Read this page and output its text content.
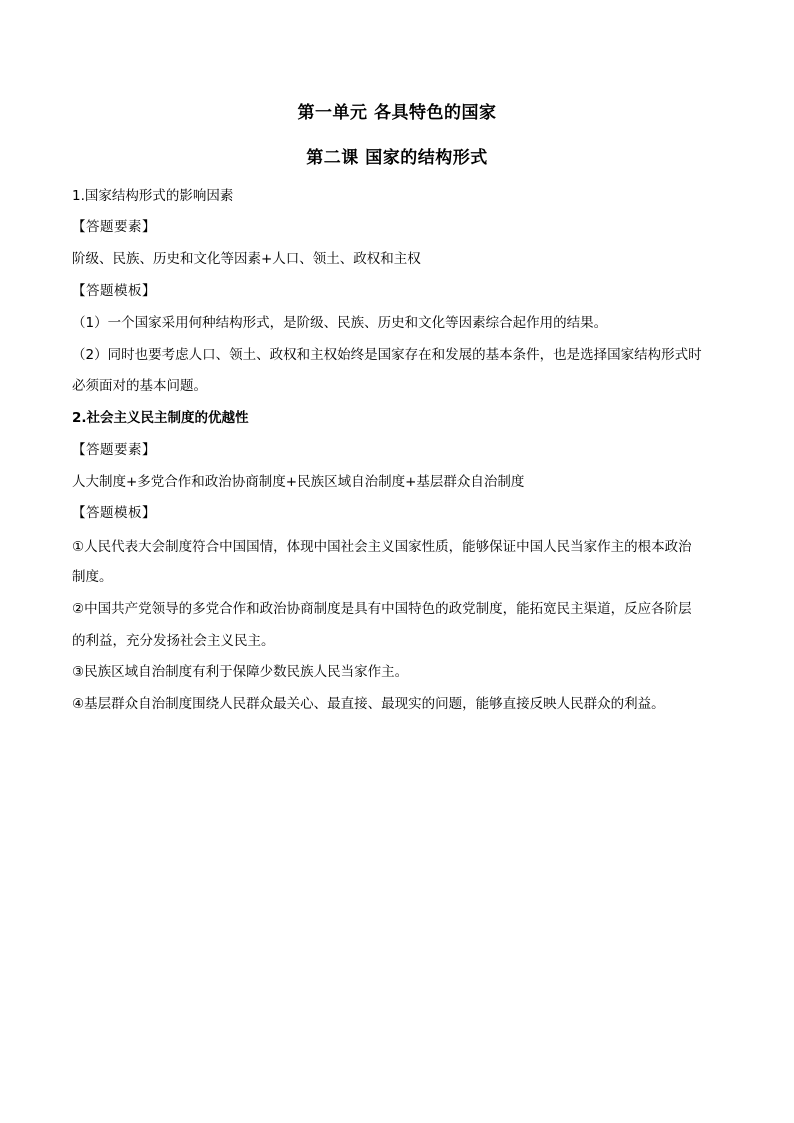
第一单元 各具特色的国家
第二课 国家的结构形式
1.国家结构形式的影响因素
【答题要素】
阶级、民族、历史和文化等因素+人口、领土、政权和主权
【答题模板】
（1）一个国家采用何种结构形式，是阶级、民族、历史和文化等因素综合起作用的结果。
（2）同时也要考虑人口、领土、政权和主权始终是国家存在和发展的基本条件，也是选择国家结构形式时
必须面对的基本问题。
2.社会主义民主制度的优越性
【答题要素】
人大制度+多党合作和政治协商制度+民族区域自治制度+基层群众自治制度
【答题模板】
①人民代表大会制度符合中国国情，体现中国社会主义国家性质，能够保证中国人民当家作主的根本政治
制度。
②中国共产党领导的多党合作和政治协商制度是具有中国特色的政党制度，能拓宽民主渠道，反应各阶层
的利益，充分发扬社会主义民主。
③民族区域自治制度有利于保障少数民族人民当家作主。
④基层群众自治制度围绕人民群众最关心、最直接、最现实的问题，能够直接反映人民群众的利益。
